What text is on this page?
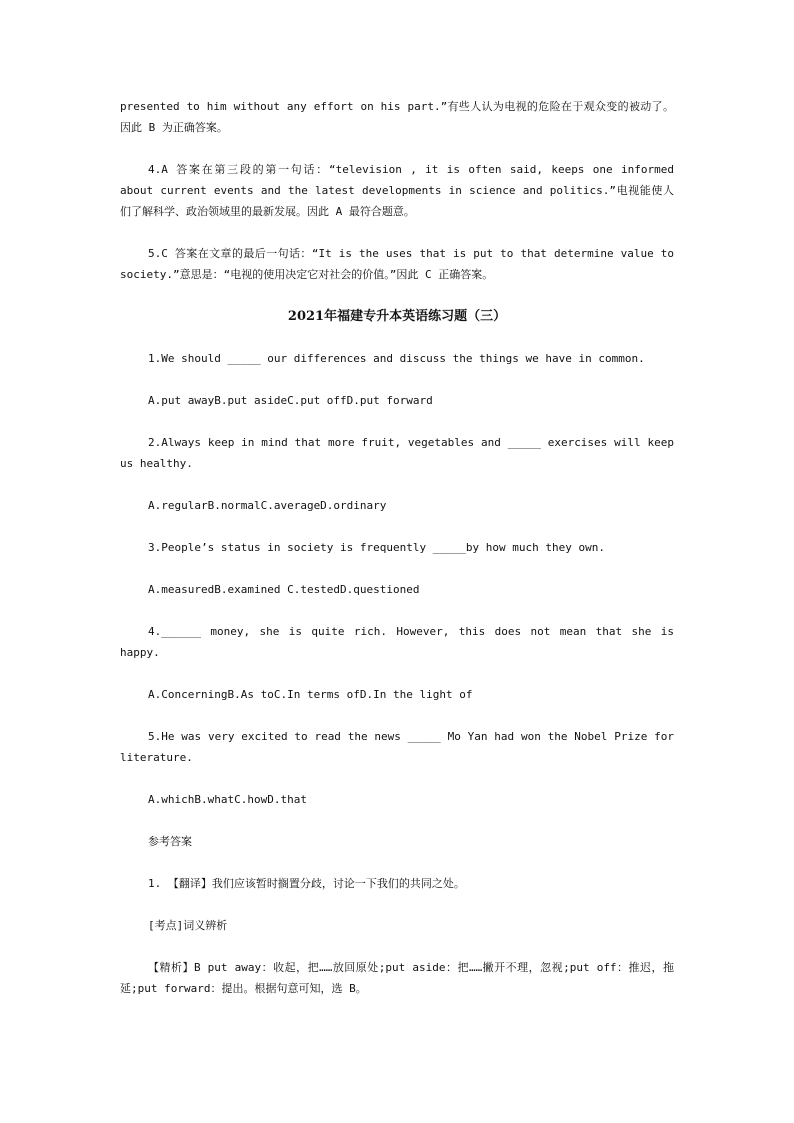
presented to him without any effort on his part.”有些人认为电视的危险在于观众变的被动了。因此 B 为正确答案。

4.A 答案在第三段的第一句话：“television , it is often said, keeps one informed about current events and the latest developments in science and politics.”电视能使人们了解科学、政治领域里的最新发展。因此 A 最符合题意。

5.C 答案在文章的最后一句话：“It is the uses that is put to that determine value to society.”意思是：“电视的使用决定它对社会的价值。”因此 C 正确答案。

2021年福建专升本英语练习题（三）

1.We should _____ our differences and discuss the things we have in common.

A.put awayB.put asideC.put offD.put forward

2.Always keep in mind that more fruit, vegetables and _____ exercises will keep us healthy.

A.regularB.normalC.averageD.ordinary

3.People’s status in society is frequently _____by how much they own.

A.measuredB.examined C.testedD.questioned

4.______ money, she is quite rich. However, this does not mean that she is happy.

A.ConcerningB.As toC.In terms ofD.In the light of

5.He was very excited to read the news _____ Mo Yan had won the Nobel Prize for literature.

A.whichB.whatC.howD.that

参考答案

1. 【翻译】我们应该暂时搁置分歧，讨论一下我们的共同之处。

[考点]词义辨析

【精析】B put away：收起，把……放回原处;put aside：把……撇开不理，忽视;put off：推迟，拖延;put forward：提出。根据句意可知，选 B。
